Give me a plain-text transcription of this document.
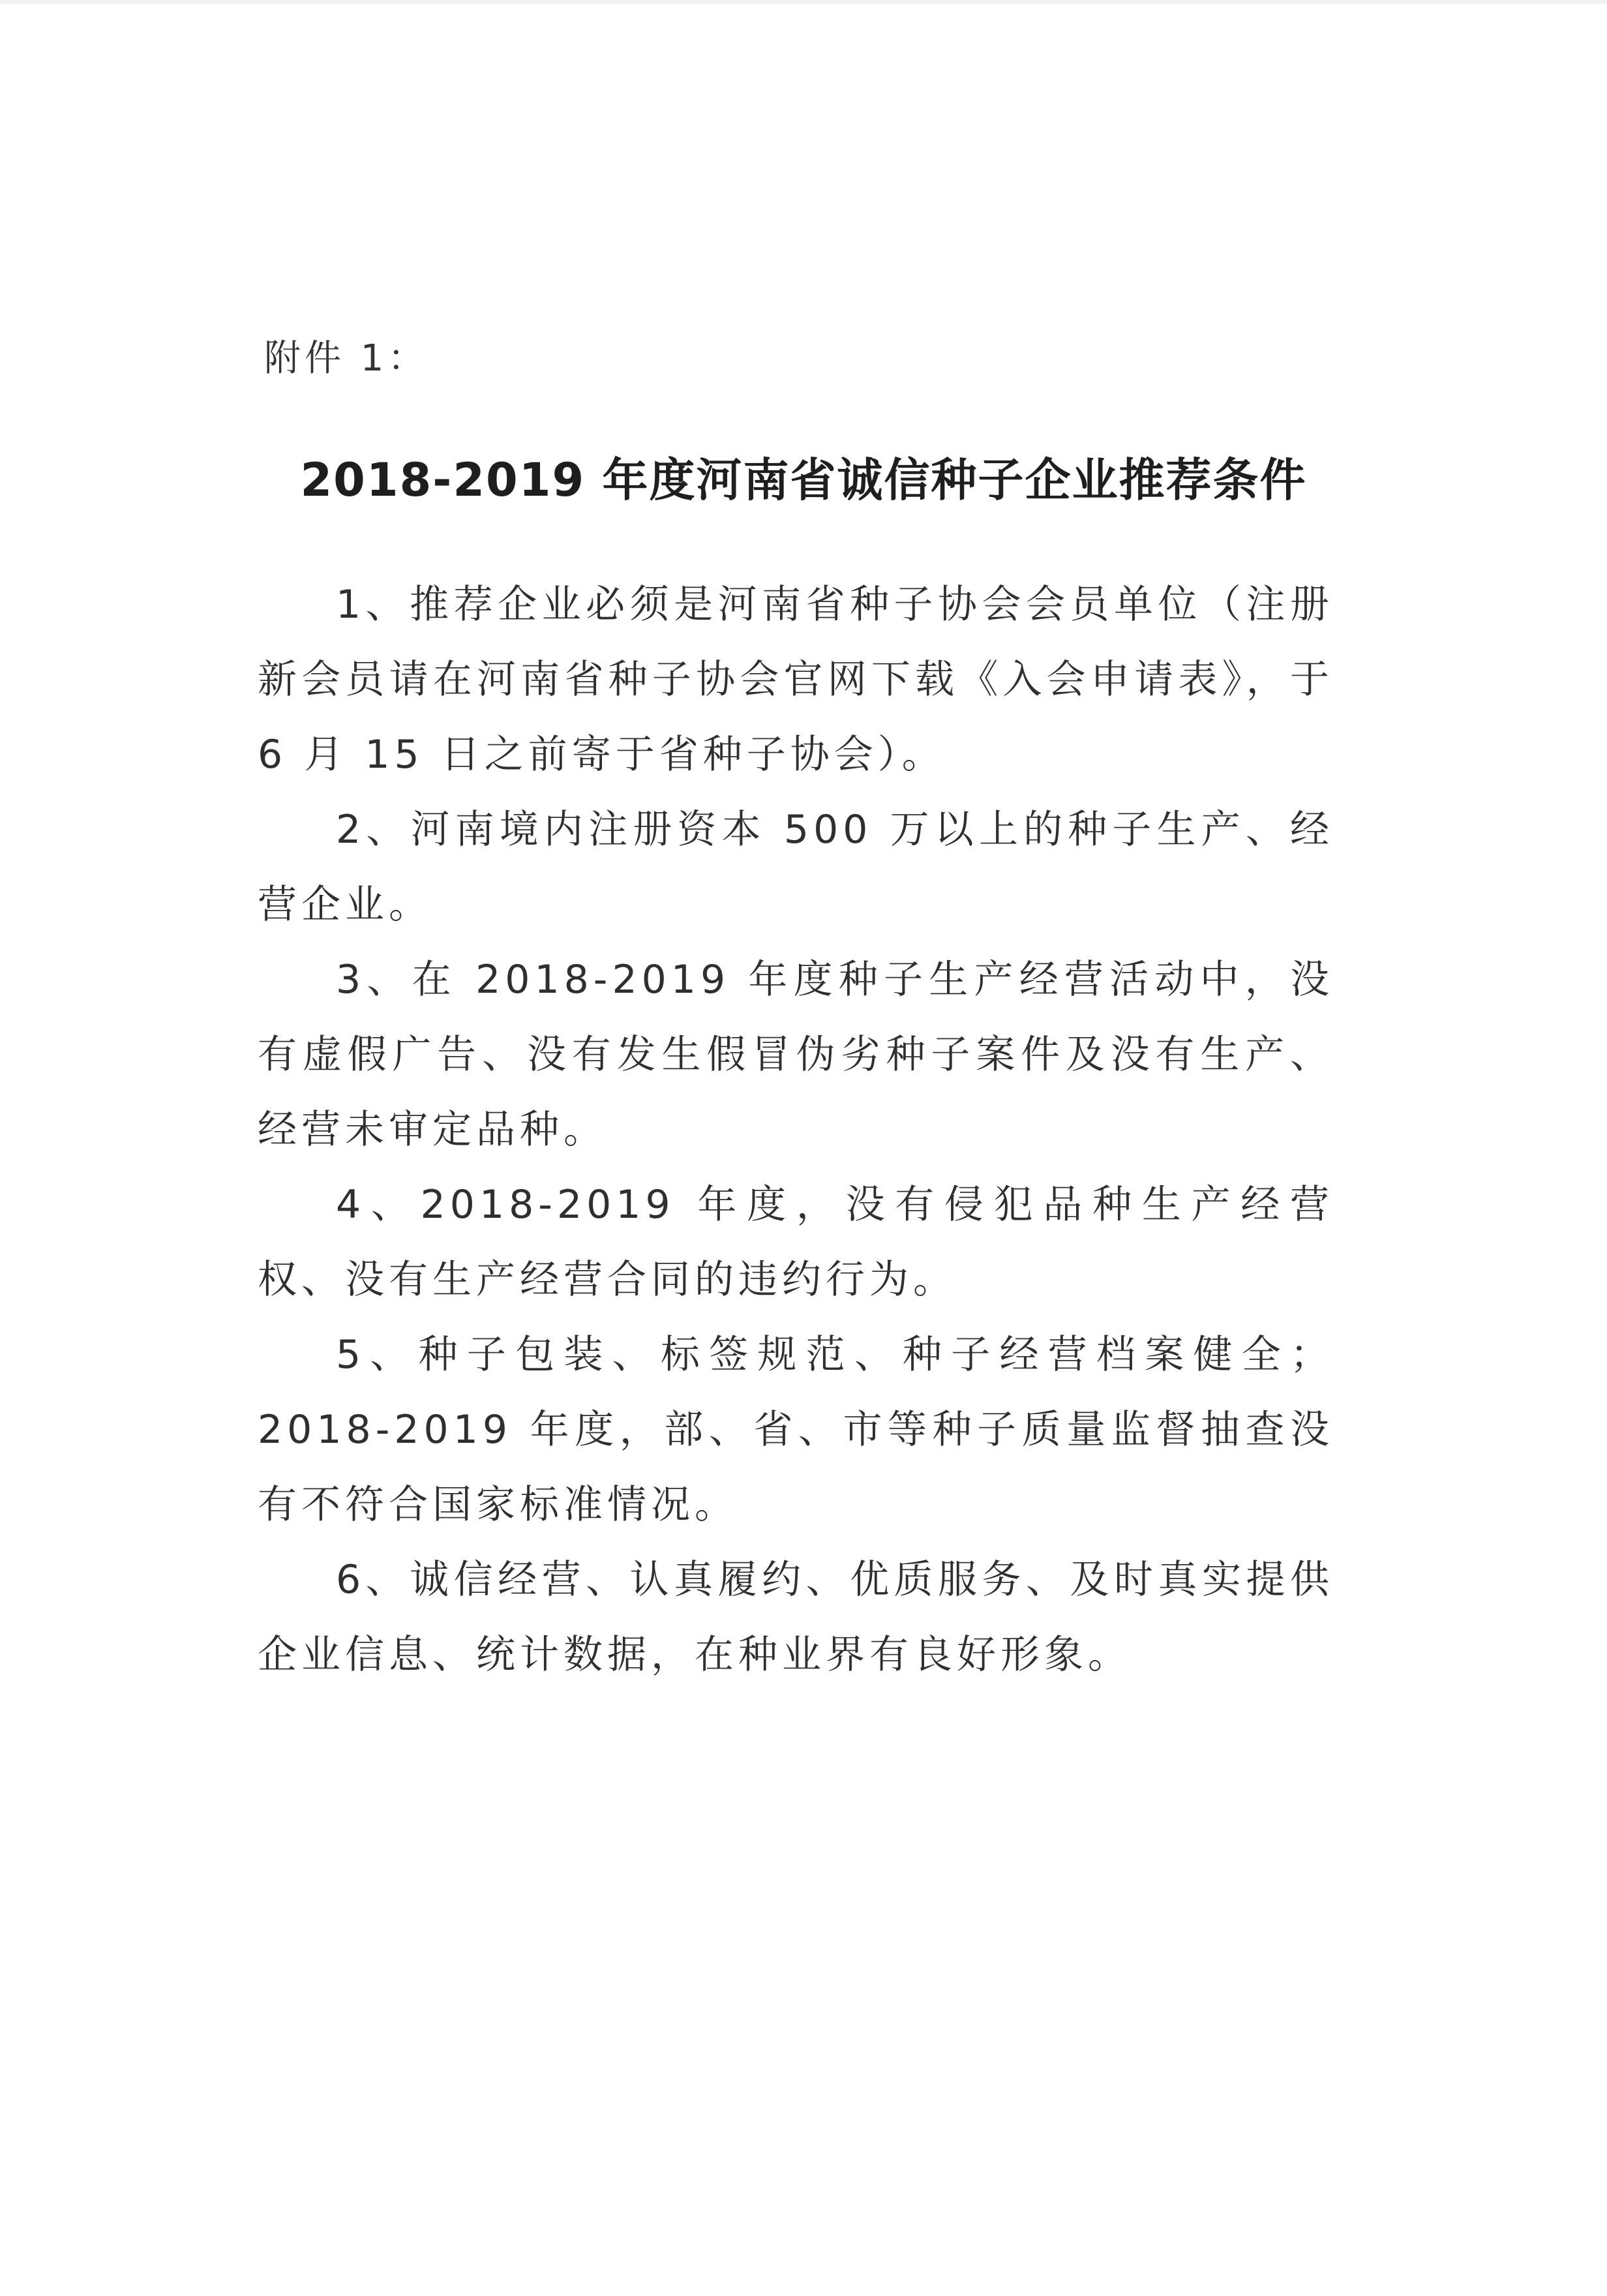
附件 1：
2018-2019 年度河南省诚信种子企业推荐条件

1、推荐企业必须是河南省种子协会会员单位（注册新会员请在河南省种子协会官网下载《入会申请表》，于 6 月 15 日之前寄于省种子协会）。

2、河南境内注册资本 500 万以上的种子生产、经营企业。

3、在 2018-2019 年度种子生产经营活动中，没有虚假广告、没有发生假冒伪劣种子案件及没有生产、经营未审定品种。

4、2018-2019 年度，没有侵犯品种生产经营权、没有生产经营合同的违约行为。

5、种子包装、标签规范、种子经营档案健全；2018-2019 年度，部、省、市等种子质量监督抽查没有不符合国家标准情况。

6、诚信经营、认真履约、优质服务、及时真实提供企业信息、统计数据，在种业界有良好形象。
